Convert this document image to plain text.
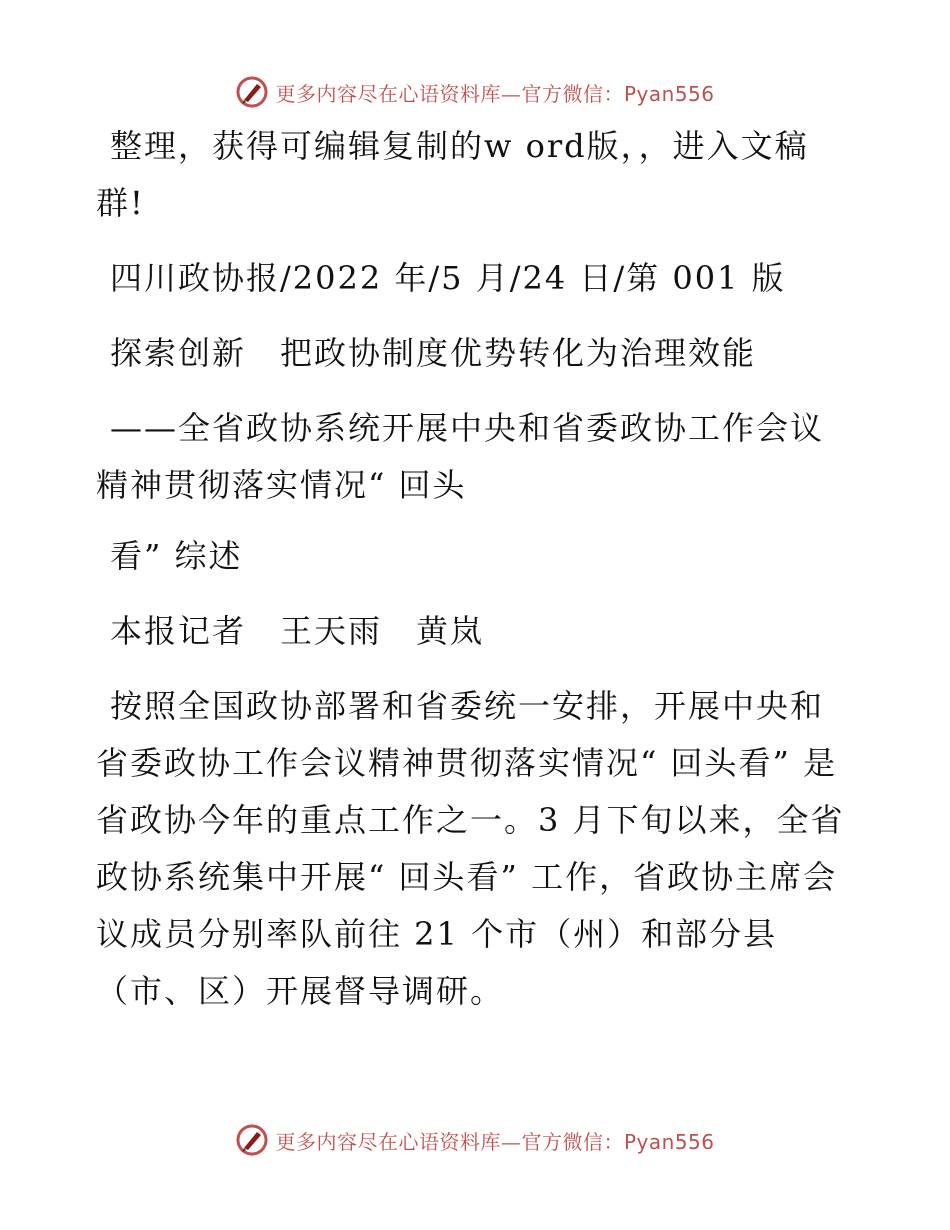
更多内容尽在心语资料库—官方微信：Pyan556

整理，获得可编辑复制的w ord版，，进入文稿群!

四川政协报/2022 年/5 月/24 日/第 001 版

探索创新　把政协制度优势转化为治理效能

——全省政协系统开展中央和省委政协工作会议精神贯彻落实情况“ 回头

看” 综述

本报记者　王天雨　黄岚

按照全国政协部署和省委统一安排，开展中央和省委政协工作会议精神贯彻落实情况“ 回头看” 是省政协今年的重点工作之一。3 月下旬以来，全省政协系统集中开展“ 回头看” 工作，省政协主席会议成员分别率队前往 21 个市（州）和部分县（市、区）开展督导调研。

更多内容尽在心语资料库—官方微信：Pyan556
